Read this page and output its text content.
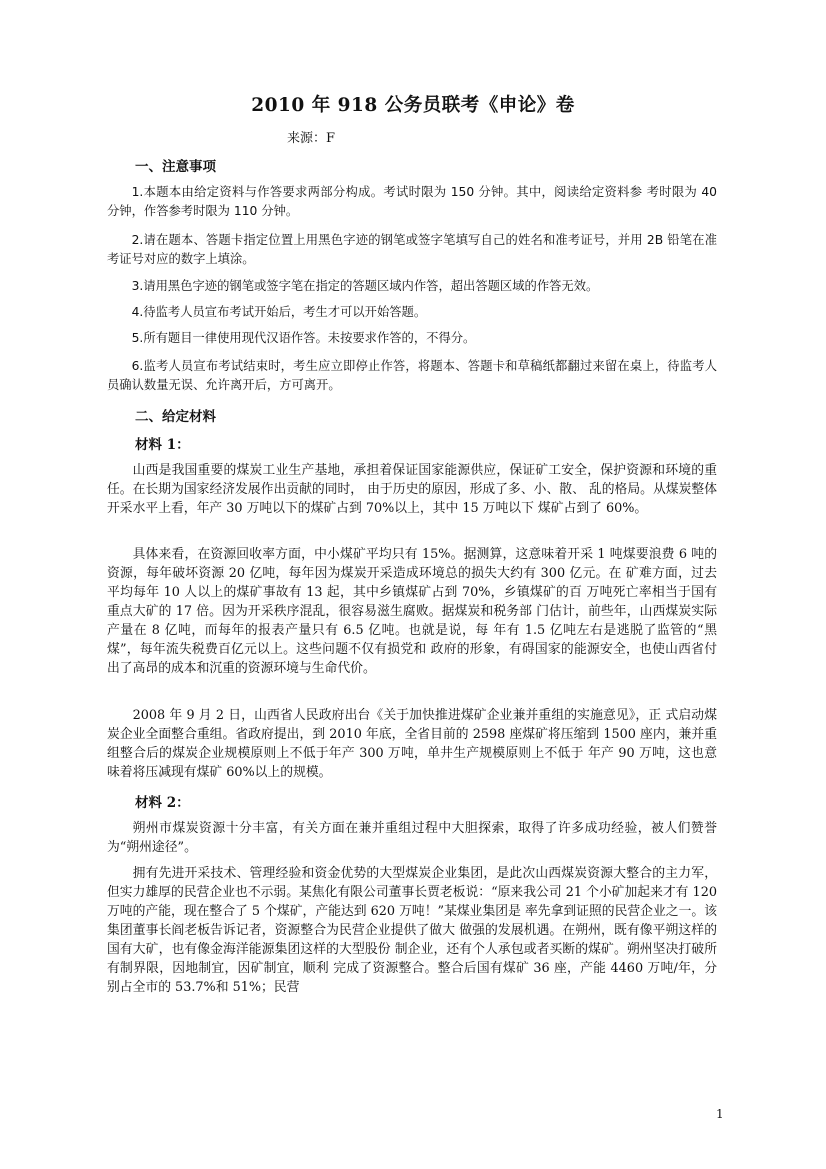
2010 年 918 公务员联考《申论》卷
来源：F
一、注意事项
1.本题本由给定资料与作答要求两部分构成。考试时限为 150 分钟。其中，阅读给定资料参 考时限为 40 分钟，作答参考时限为 110 分钟。
2.请在题本、答题卡指定位置上用黑色字迹的钢笔或签字笔填写自己的姓名和准考证号，并用 2B 铅笔在准考证号对应的数字上填涂。
3.请用黑色字迹的钢笔或签字笔在指定的答题区域内作答，超出答题区域的作答无效。
4.待监考人员宣布考试开始后，考生才可以开始答题。
5.所有题目一律使用现代汉语作答。未按要求作答的，不得分。
6.监考人员宣布考试结束时，考生应立即停止作答，将题本、答题卡和草稿纸都翻过来留在桌上，待监考人员确认数量无误、允许离开后，方可离开。
二、给定材料
材料 1：
山西是我国重要的煤炭工业生产基地，承担着保证国家能源供应，保证矿工安全，保护资源和环境的重任。在长期为国家经济发展作出贡献的同时， 由于历史的原因，形成了多、小、散、 乱的格局。从煤炭整体开采水平上看，年产 30 万吨以下的煤矿占到 70%以上，其中 15 万吨以下 煤矿占到了 60%。
具体来看，在资源回收率方面，中小煤矿平均只有 15%。据测算，这意味着开采 1 吨煤要浪费 6 吨的资源，每年破坏资源 20 亿吨，每年因为煤炭开采造成环境总的损失大约有 300 亿元。在 矿难方面，过去平均每年 10 人以上的煤矿事故有 13 起，其中乡镇煤矿占到 70%，乡镇煤矿的百 万吨死亡率相当于国有重点大矿的 17 倍。因为开采秩序混乱，很容易滋生腐败。据煤炭和税务部 门估计，前些年，山西煤炭实际产量在 8 亿吨，而每年的报表产量只有 6.5 亿吨。也就是说，每 年有 1.5 亿吨左右是逃脱了监管的“黑煤”，每年流失税费百亿元以上。这些问题不仅有损党和 政府的形象，有碍国家的能源安全，也使山西省付出了高昂的成本和沉重的资源环境与生命代价。
2008 年 9 月 2 日，山西省人民政府出台《关于加快推进煤矿企业兼并重组的实施意见》，正 式启动煤炭企业全面整合重组。省政府提出，到 2010 年底，全省目前的 2598 座煤矿将压缩到 1500 座内，兼并重组整合后的煤炭企业规模原则上不低于年产 300 万吨，单井生产规模原则上不低于 年产 90 万吨，这也意味着将压减现有煤矿 60%以上的规模。
材料 2：
朔州市煤炭资源十分丰富，有关方面在兼并重组过程中大胆探索，取得了许多成功经验，被人们赞誉为“朔州途径”。
拥有先进开采技术、管理经验和资金优势的大型煤炭企业集团，是此次山西煤炭资源大整合的主力军，但实力雄厚的民营企业也不示弱。某焦化有限公司董事长贾老板说：“原来我公司 21 个小矿加起来才有 120 万吨的产能，现在整合了 5 个煤矿，产能达到 620 万吨！”某煤业集团是 率先拿到证照的民营企业之一。该集团董事长阎老板告诉记者，资源整合为民营企业提供了做大 做强的发展机遇。在朔州，既有像平朔这样的国有大矿，也有像金海洋能源集团这样的大型股份 制企业，还有个人承包或者买断的煤矿。朔州坚决打破所有制界限，因地制宜，因矿制宜，顺利 完成了资源整合。整合后国有煤矿 36 座，产能 4460 万吨/年，分别占全市的 53.7%和 51%；民营
1
